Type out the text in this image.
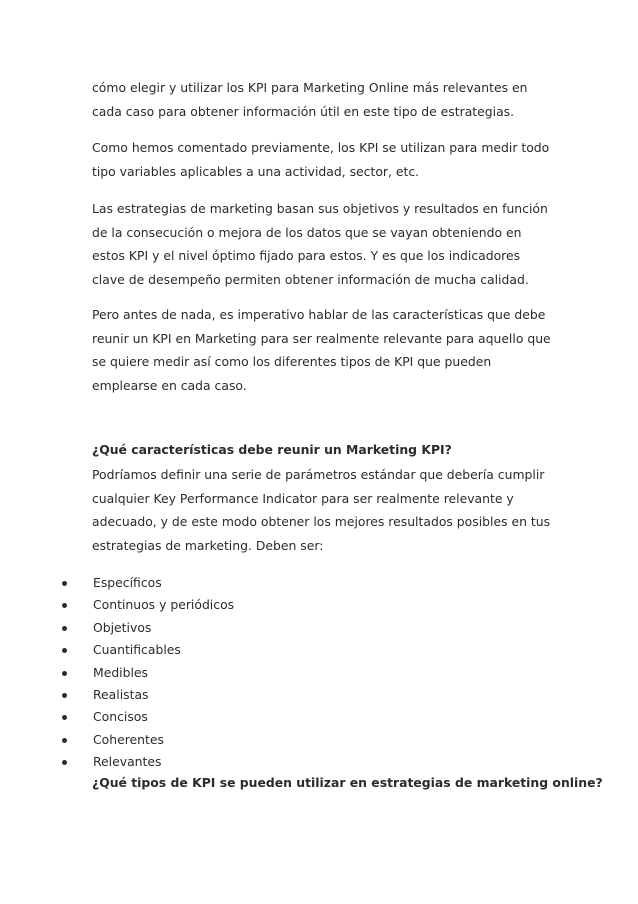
cómo elegir y utilizar los KPI para Marketing Online más relevantes en cada caso para obtener información útil en este tipo de estrategias.

Como hemos comentado previamente, los KPI se utilizan para medir todo tipo variables aplicables a una actividad, sector, etc.

Las estrategias de marketing basan sus objetivos y resultados en función de la consecución o mejora de los datos que se vayan obteniendo en estos KPI y el nivel óptimo fijado para estos. Y es que los indicadores clave de desempeño permiten obtener información de mucha calidad.

Pero antes de nada, es imperativo hablar de las características que debe reunir un KPI en Marketing para ser realmente relevante para aquello que se quiere medir así como los diferentes tipos de KPI que pueden emplearse en cada caso.

¿Qué características debe reunir un Marketing KPI?

Podríamos definir una serie de parámetros estándar que debería cumplir cualquier Key Performance Indicator para ser realmente relevante y adecuado, y de este modo obtener los mejores resultados posibles en tus estrategias de marketing. Deben ser:

Específicos
Continuos y periódicos
Objetivos
Cuantificables
Medibles
Realistas
Concisos
Coherentes
Relevantes

¿Qué tipos de KPI se pueden utilizar en estrategias de marketing online?
